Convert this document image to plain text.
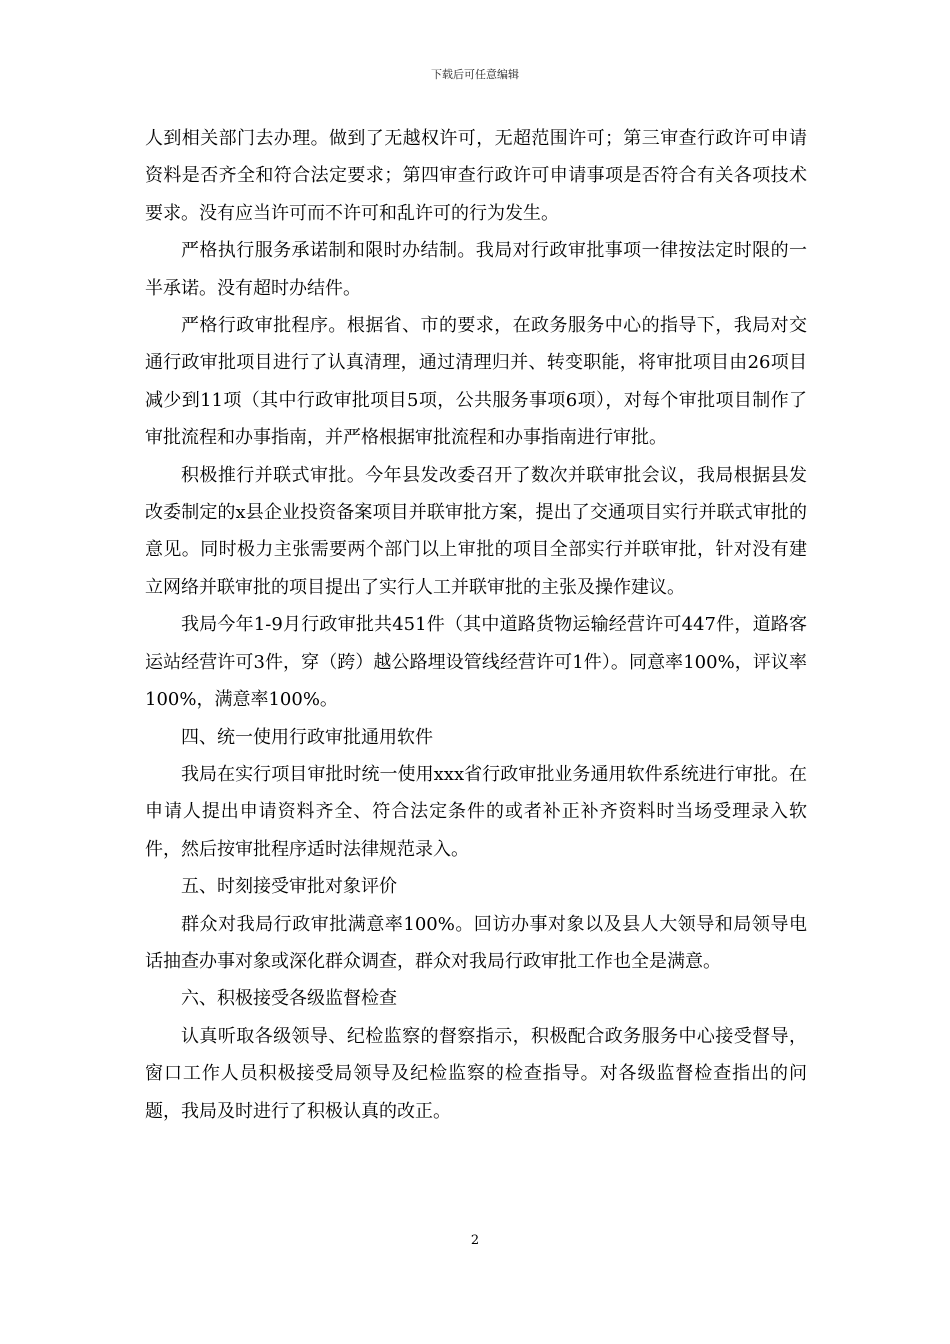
下载后可任意编辑

人到相关部门去办理。做到了无越权许可，无超范围许可；第三审查行政许可申请资料是否齐全和符合法定要求；第四审查行政许可申请事项是否符合有关各项技术要求。没有应当许可而不许可和乱许可的行为发生。

严格执行服务承诺制和限时办结制。我局对行政审批事项一律按法定时限的一半承诺。没有超时办结件。

严格行政审批程序。根据省、市的要求，在政务服务中心的指导下，我局对交通行政审批项目进行了认真清理，通过清理归并、转变职能，将审批项目由26项目减少到11项（其中行政审批项目5项，公共服务事项6项），对每个审批项目制作了审批流程和办事指南，并严格根据审批流程和办事指南进行审批。

积极推行并联式审批。今年县发改委召开了数次并联审批会议，我局根据县发改委制定的x县企业投资备案项目并联审批方案，提出了交通项目实行并联式审批的意见。同时极力主张需要两个部门以上审批的项目全部实行并联审批，针对没有建立网络并联审批的项目提出了实行人工并联审批的主张及操作建议。

我局今年1-9月行政审批共451件（其中道路货物运输经营许可447件，道路客运站经营许可3件，穿（跨）越公路埋设管线经营许可1件）。同意率100%，评议率100%，满意率100%。

四、统一使用行政审批通用软件

我局在实行项目审批时统一使用xxx省行政审批业务通用软件系统进行审批。在申请人提出申请资料齐全、符合法定条件的或者补正补齐资料时当场受理录入软件，然后按审批程序适时法律规范录入。

五、时刻接受审批对象评价

群众对我局行政审批满意率100%。回访办事对象以及县人大领导和局领导电话抽查办事对象或深化群众调查，群众对我局行政审批工作也全是满意。

六、积极接受各级监督检查

认真听取各级领导、纪检监察的督察指示，积极配合政务服务中心接受督导，窗口工作人员积极接受局领导及纪检监察的检查指导。对各级监督检查指出的问题，我局及时进行了积极认真的改正。

2
